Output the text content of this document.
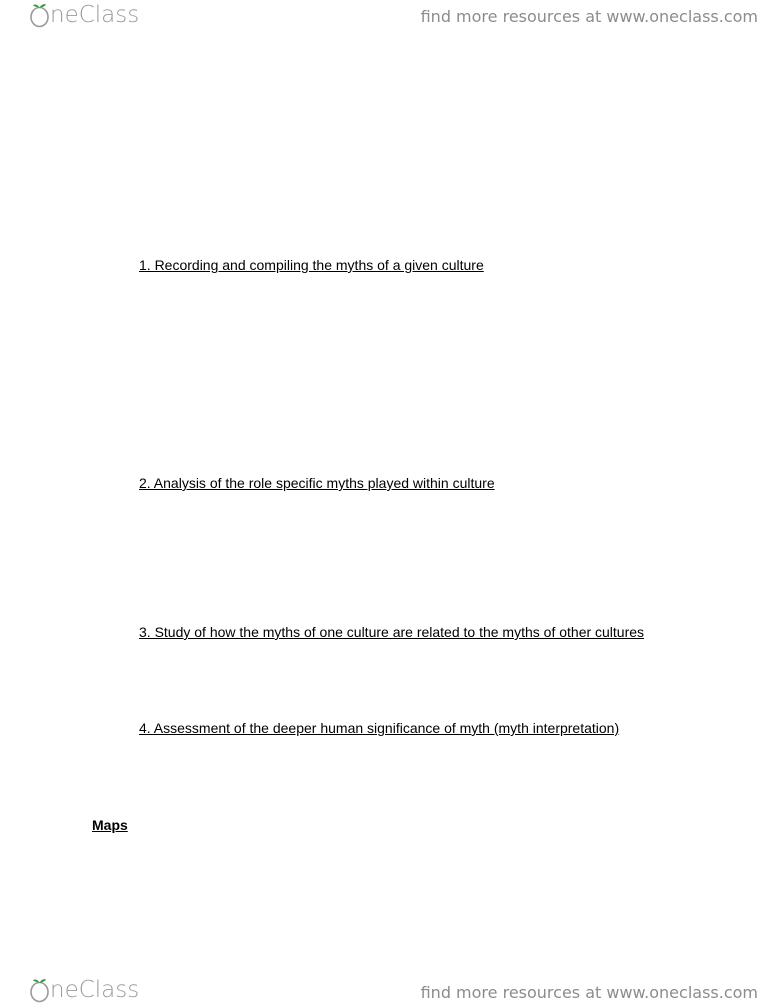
neClass	find more resources at www.oneclass.com
1. Recording and compiling the myths of a given culture
2. Analysis of the role specific myths played within culture
3. Study of how the myths of one culture are related to the myths of other cultures
4. Assessment of the deeper human significance of myth (myth interpretation)
Maps
neClass	find more resources at www.oneclass.com
